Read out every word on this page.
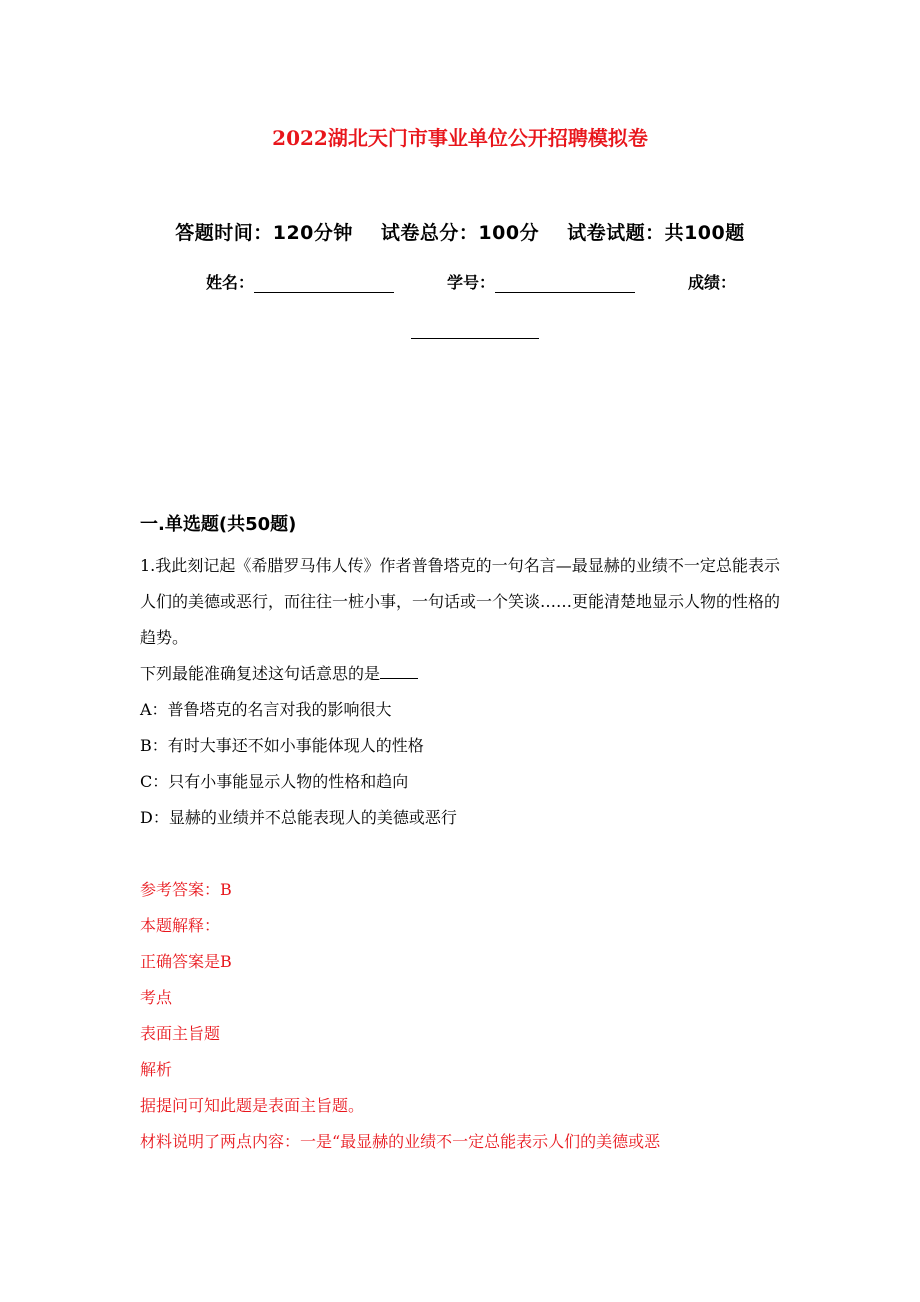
2022湖北天门市事业单位公开招聘模拟卷
答题时间：120分钟 试卷总分：100分 试卷试题：共100题
姓名：	学号：	成绩：
一.单选题(共50题)

1.我此刻记起《希腊罗马伟人传》作者普鲁塔克的一句名言—最显赫的业绩不一定总能表示人们的美德或恶行，而往往一桩小事，一句话或一个笑谈……更能清楚地显示人物的性格的趋势。

下列最能准确复述这句话意思的是

A：普鲁塔克的名言对我的影响很大

B：有时大事还不如小事能体现人的性格

C：只有小事能显示人物的性格和趋向

D：显赫的业绩并不总能表现人的美德或恶行

参考答案：B

本题解释：

正确答案是B

考点

表面主旨题

解析

据提问可知此题是表面主旨题。

材料说明了两点内容：一是“最显赫的业绩不一定总能表示人们的美德或恶
